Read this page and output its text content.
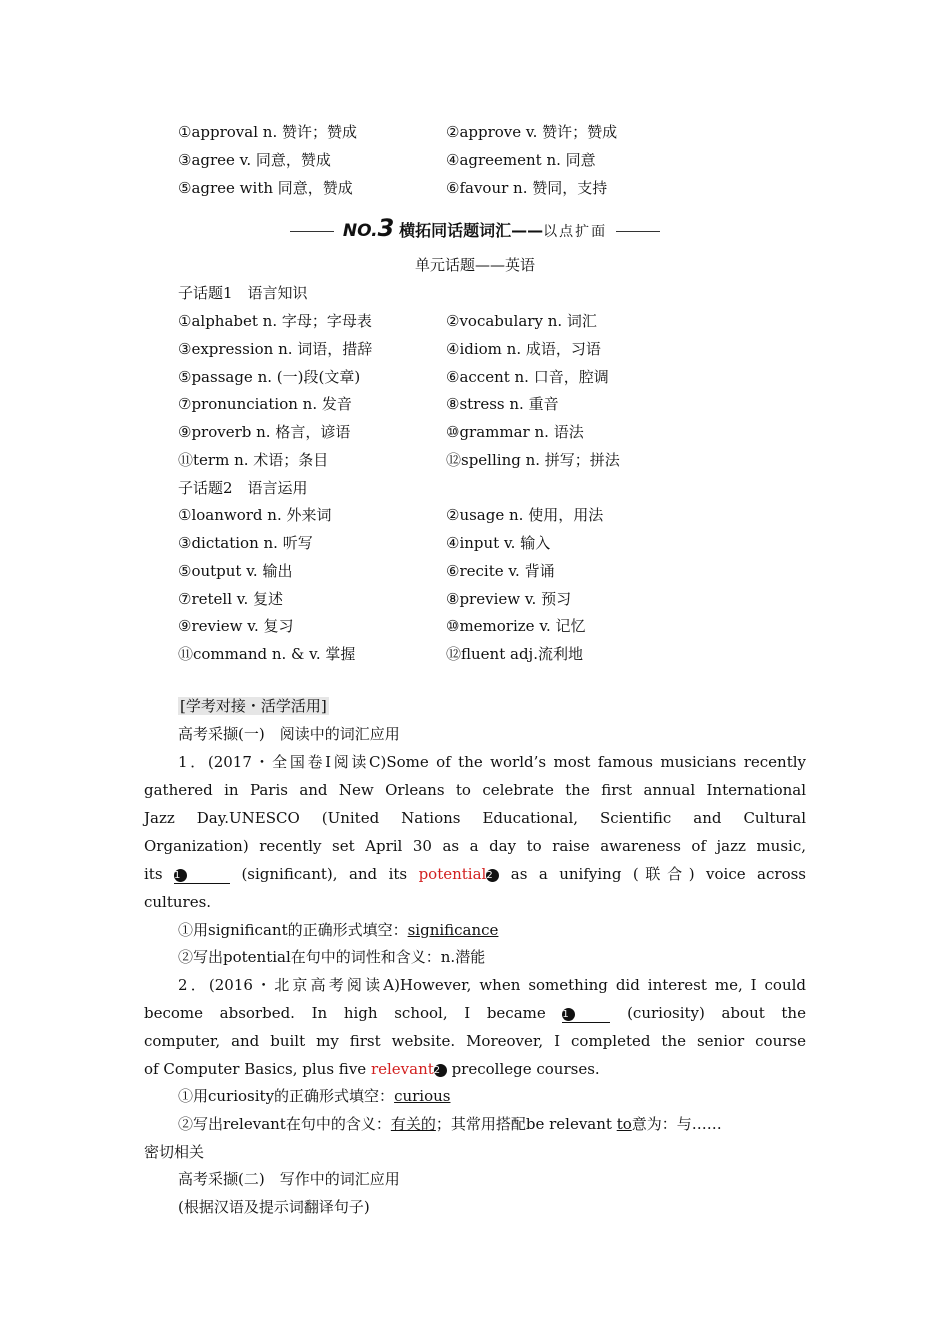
①approval n. 赞许；赞成	②approve v. 赞许；赞成
③agree v. 同意，赞成	④agreement n. 同意
⑤agree with 同意，赞成	⑥favour n. 赞同，支持
NO.3 横拓同话题词汇——以点扩面
单元话题——英语
子话题1　语言知识
①alphabet n. 字母；字母表	②vocabulary n. 词汇
③expression n. 词语，措辞	④idiom n. 成语，习语
⑤passage n. (一)段(文章)	⑥accent n. 口音，腔调
⑦pronunciation n. 发音	⑧stress n. 重音
⑨proverb n. 格言，谚语	⑩grammar n. 语法
⑪term n. 术语；条目	⑫spelling n. 拼写；拼法
子话题2　语言运用
①loanword n. 外来词	②usage n. 使用，用法
③dictation n. 听写	④input v. 输入
⑤output v. 输出	⑥recite v. 背诵
⑦retell v. 复述	⑧preview v. 预习
⑨review v. 复习	⑩memorize v. 记忆
⑪command n. & v. 掌握	⑫fluent adj.流利地
[学考对接・活学活用]
高考采撷(一)　阅读中的词汇应用
1．(2017・全国卷Ⅰ阅读C)Some of the world’s most famous musicians recently
gathered in Paris and New Orleans to celebrate the first annual International
Jazz Day.UNESCO (United Nations Educational, Scientific and Cultural
Organization) recently set April 30 as a day to raise awareness of jazz music,
its 1	(significant), and its potential2 as a unifying (联合) voice across
cultures.
①用significant的正确形式填空：significance
②写出potential在句中的词性和含义：n.潜能
2．(2016・北京高考阅读A)However, when something did interest me, I could
become absorbed. In high school, I became 1	(curiosity) about the
computer, and built my first website. Moreover, I completed the senior course
of Computer Basics, plus five relevant2 precollege courses.
①用curiosity的正确形式填空：curious
②写出relevant在句中的含义：有关的；其常用搭配be relevant to意为：与……
密切相关
高考采撷(二)　写作中的词汇应用
(根据汉语及提示词翻译句子)
